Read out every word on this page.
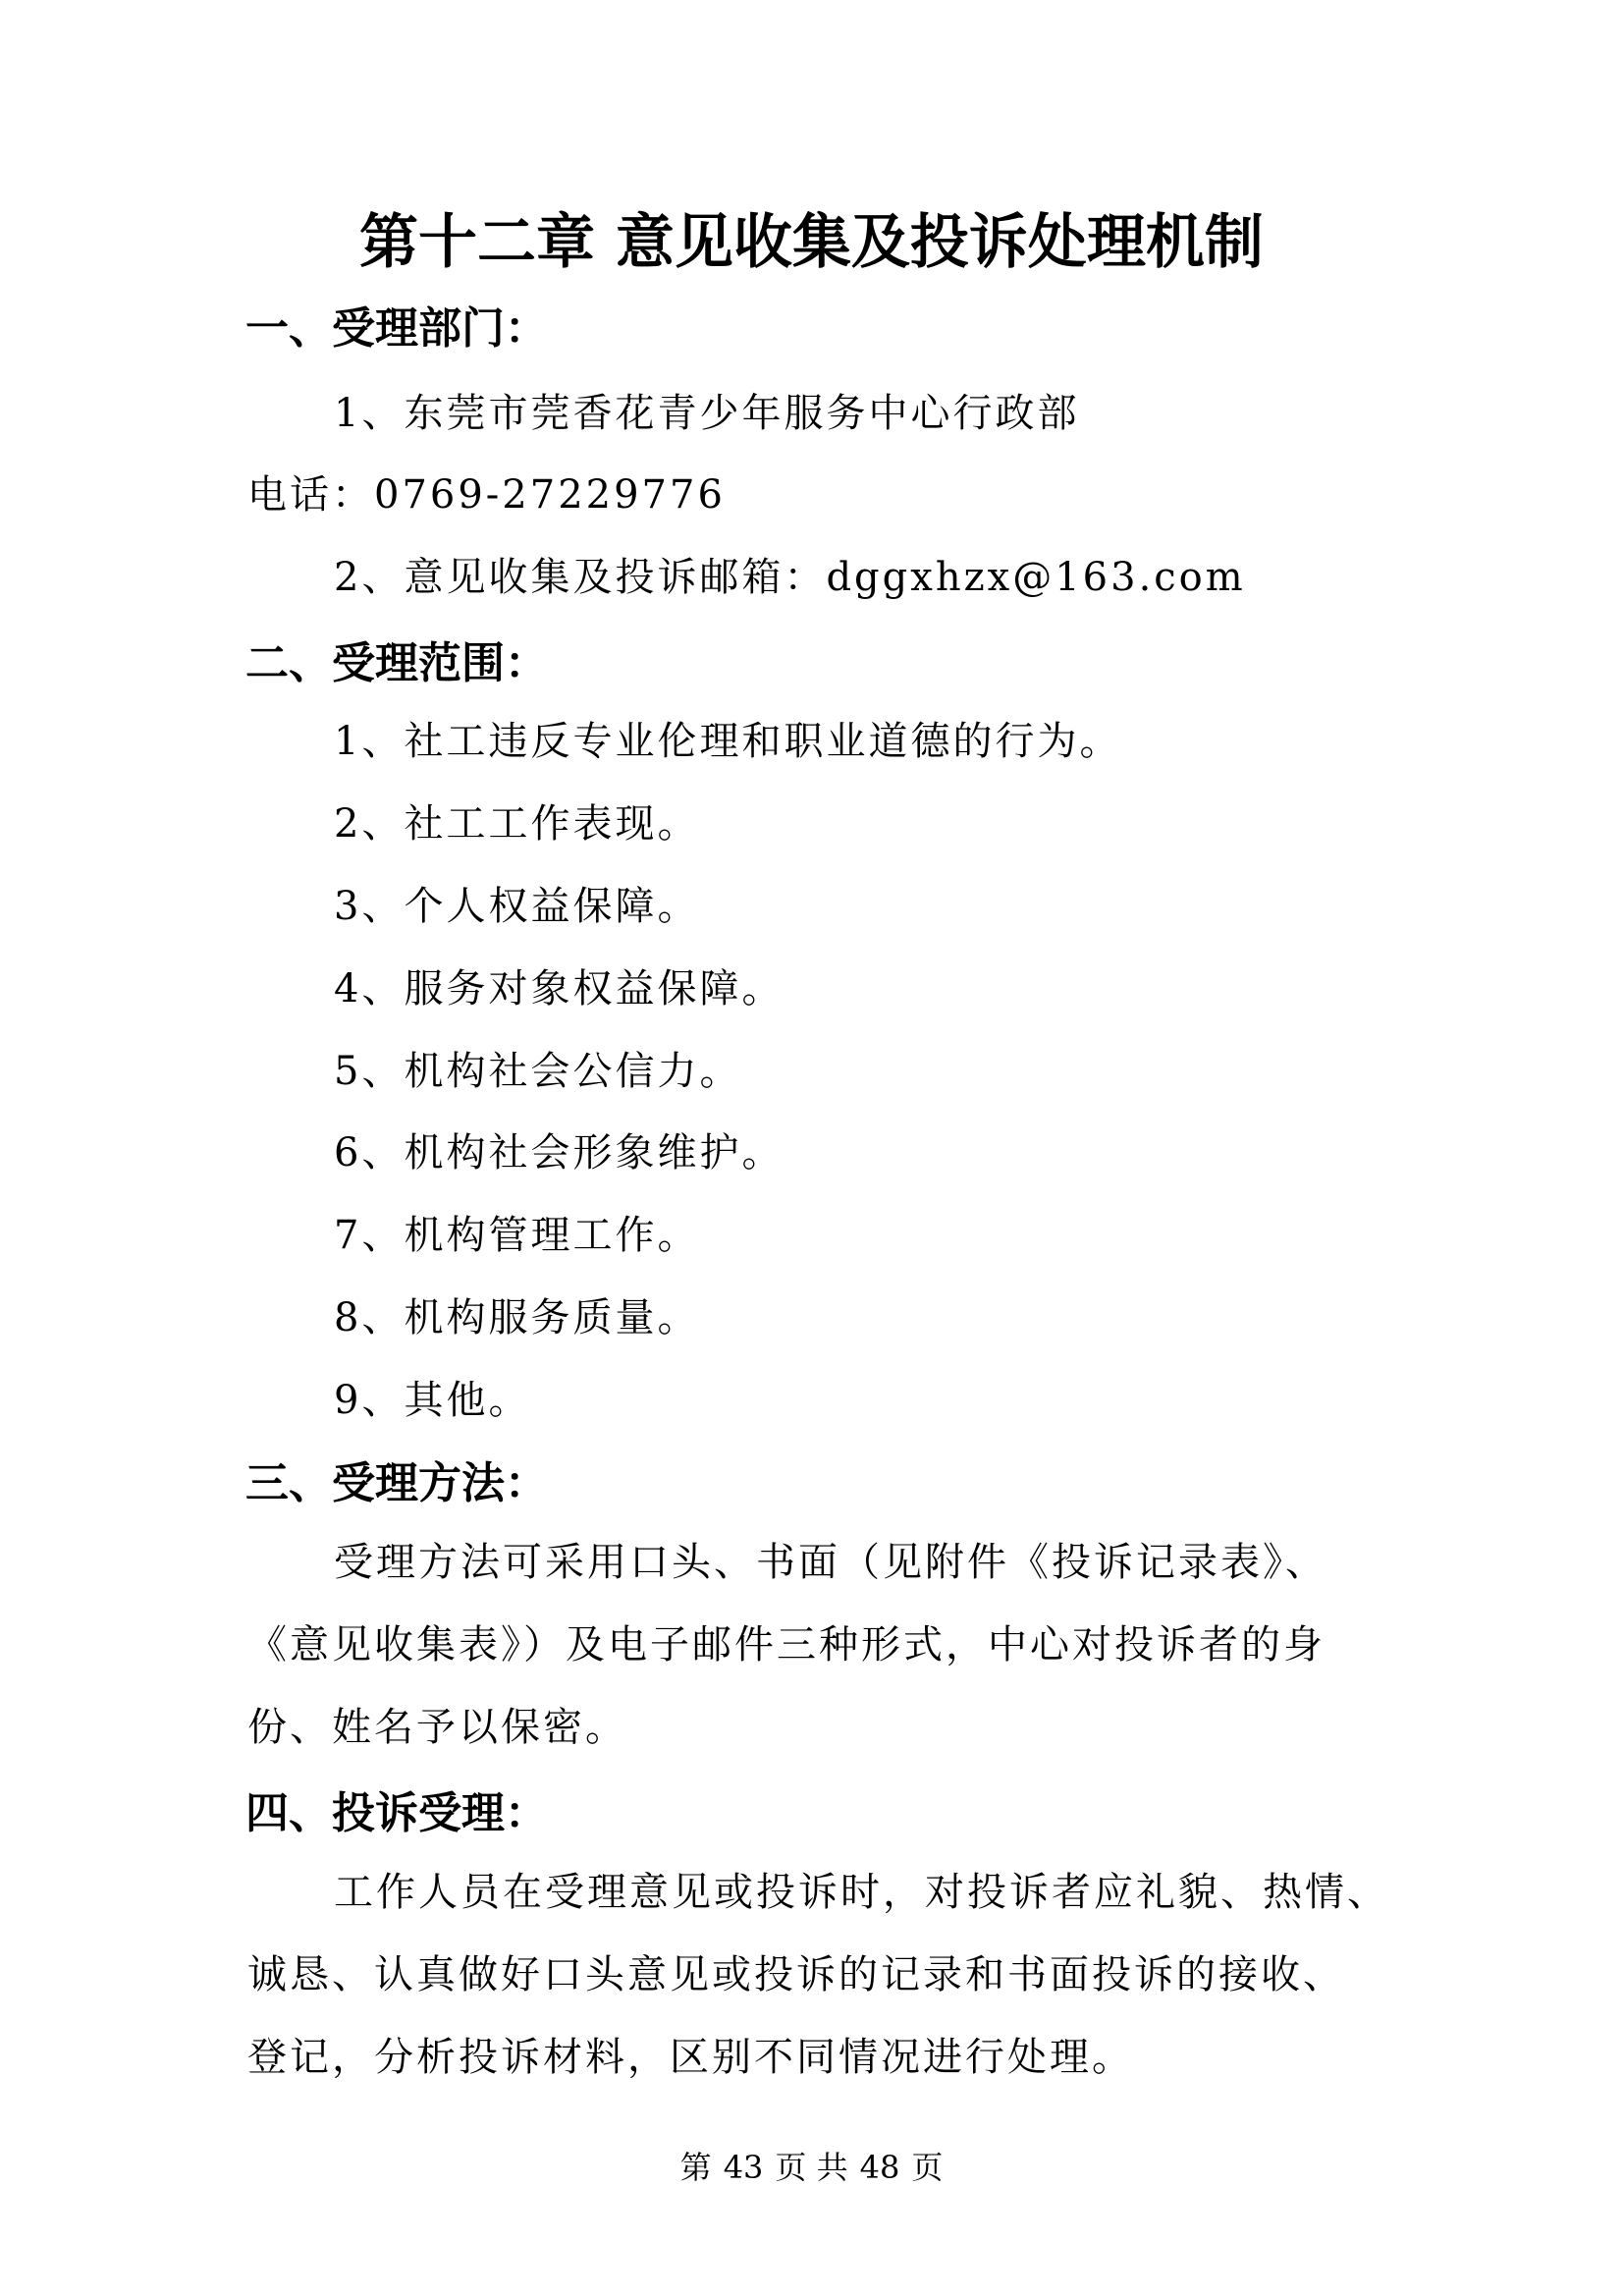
第十二章 意见收集及投诉处理机制
一、受理部门：

1、东莞市莞香花青少年服务中心行政部

电话：0769-27229776

2、意见收集及投诉邮箱：dggxhzx@163.com

二、受理范围：

1、社工违反专业伦理和职业道德的行为。

2、社工工作表现。

3、个人权益保障。

4、服务对象权益保障。

5、机构社会公信力。

6、机构社会形象维护。

7、机构管理工作。

8、机构服务质量。

9、其他。

三、受理方法：

受理方法可采用口头、书面（见附件《投诉记录表》、

《意见收集表》）及电子邮件三种形式，中心对投诉者的身

份、姓名予以保密。

四、投诉受理：

工作人员在受理意见或投诉时，对投诉者应礼貌、热情、

诚恳、认真做好口头意见或投诉的记录和书面投诉的接收、

登记，分析投诉材料，区别不同情况进行处理。

第 43 页 共 48 页
